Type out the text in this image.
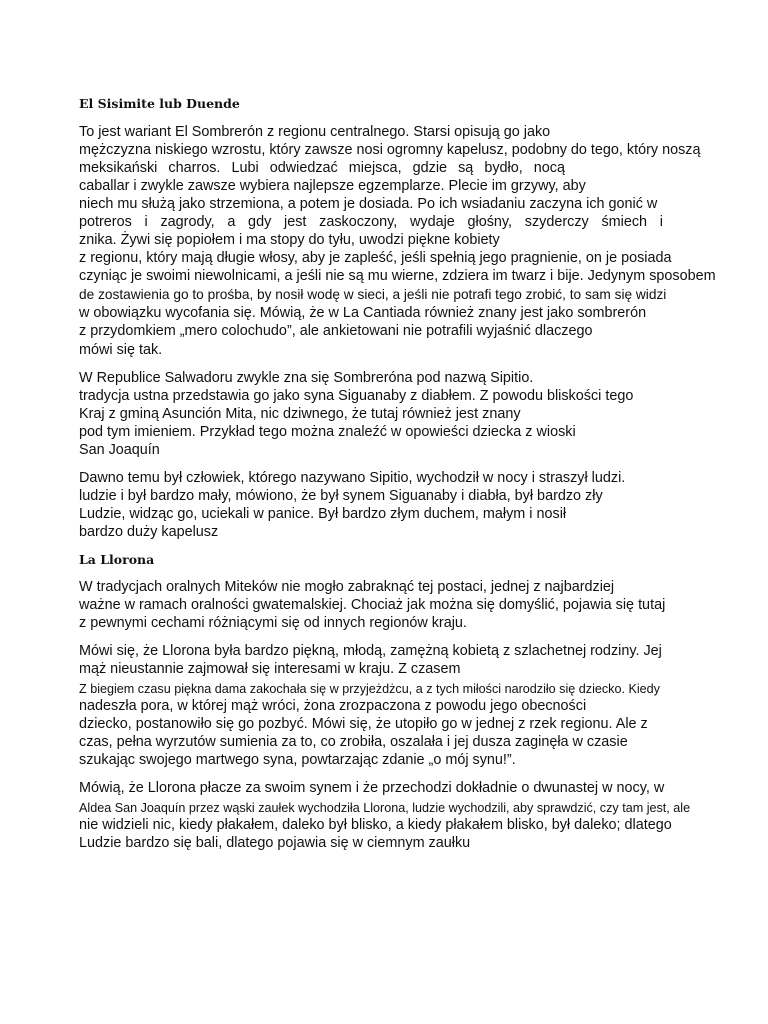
El Sisimite lub Duende
To jest wariant El Sombrerón z regionu centralnego. Starsi opisują go jako
mężczyzna niskiego wzrostu, który zawsze nosi ogromny kapelusz, podobny do tego, który noszą
meksikański charros. Lubi odwiedzać miejsca, gdzie są bydło, nocą
caballar i zwykle zawsze wybiera najlepsze egzemplarze. Plecie im grzywy, aby
niech mu służą jako strzemiona, a potem je dosiada. Po ich wsiadaniu zaczyna ich gonić w
potreros i zagrody, a gdy jest zaskoczony, wydaje głośny, szyderczy śmiech i
znika. Żywi się popiołem i ma stopy do tyłu, uwodzi piękne kobiety
z regionu, który mają długie włosy, aby je zapleść, jeśli spełnią jego pragnienie, on je posiada
czyniąc je swoimi niewolnicami, a jeśli nie są mu wierne, zdziera im twarz i bije. Jedynym sposobem
de zostawienia go to prośba, by nosił wodę w sieci, a jeśli nie potrafi tego zrobić, to sam się widzi
w obowiązku wycofania się. Mówią, że w La Cantiada również znany jest jako sombrerón
z przydomkiem „mero colochudo”, ale ankietowani nie potrafili wyjaśnić dlaczego
mówi się tak.
W Republice Salwadoru zwykle zna się Sombrerónа pod nazwą Sipitio.
tradycja ustna przedstawia go jako syna Siguanaby z diabłem. Z powodu bliskości tego
Kraj z gminą Asunción Mita, nic dziwnego, że tutaj również jest znany
pod tym imieniem. Przykład tego można znaleźć w opowieści dziecka z wioski
San Joaquín
Dawno temu był człowiek, którego nazywano Sipitio, wychodził w nocy i straszył ludzi.
ludzie i był bardzo mały, mówiono, że był synem Siguanaby i diabła, był bardzo zły
Ludzie, widząc go, uciekali w panice. Był bardzo złym duchem, małym i nosił
bardzo duży kapelusz
La Llorona
W tradycjach oralnych Miteków nie mogło zabraknąć tej postaci, jednej z najbardziej
ważne w ramach oralności gwatemalskiej. Chociaż jak można się domyślić, pojawia się tutaj
z pewnymi cechami różniącymi się od innych regionów kraju.
Mówi się, że Llorona była bardzo piękną, młodą, zamężną kobietą z szlachetnej rodziny. Jej
mąż nieustannie zajmował się interesami w kraju. Z czasem
Z biegiem czasu piękna dama zakochała się w przyjeżdżcu, a z tych miłości narodziło się dziecko. Kiedy
nadeszła pora, w której mąż wróci, żona zrozpaczona z powodu jego obecności
dziecko, postanowiło się go pozbyć. Mówi się, że utopiło go w jednej z rzek regionu. Ale z
czas, pełna wyrzutów sumienia za to, co zrobiła, oszalała i jej dusza zaginęła w czasie
szukając swojego martwego syna, powtarzając zdanie „o mój synu!”.
Mówią, że Llorona płacze za swoim synem i że przechodzi dokładnie o dwunastej w nocy, w
Aldea San Joaquín przez wąski zaułek wychodziła Llorona, ludzie wychodzili, aby sprawdzić, czy tam jest, ale
nie widzieli nic, kiedy płakałem, daleko był blisko, a kiedy płakałem blisko, był daleko; dlatego
Ludzie bardzo się bali, dlatego pojawia się w ciemnym zaułku
